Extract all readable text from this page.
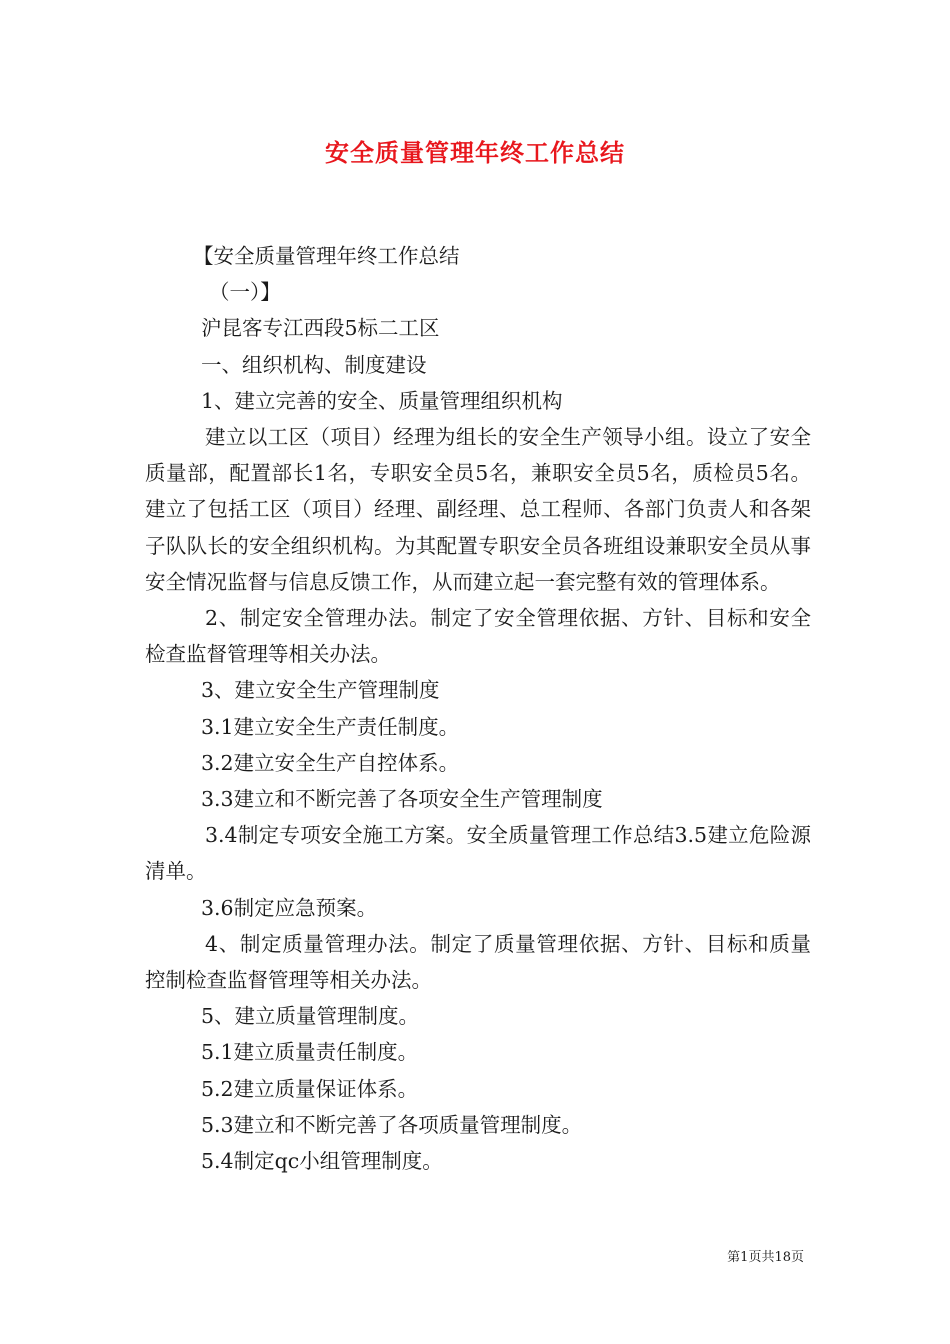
安全质量管理年终工作总结

【安全质量管理年终工作总结

（一）】

沪昆客专江西段5标二工区

一、组织机构、制度建设

1、建立完善的安全、质量管理组织机构

建立以工区（项目）经理为组长的安全生产领导小组。设立了安全质量部，配置部长1名，专职安全员5名，兼职安全员5名，质检员5名。建立了包括工区（项目）经理、副经理、总工程师、各部门负责人和各架子队队长的安全组织机构。为其配置专职安全员各班组设兼职安全员从事安全情况监督与信息反馈工作，从而建立起一套完整有效的管理体系。

2、制定安全管理办法。制定了安全管理依据、方针、目标和安全检查监督管理等相关办法。

3、建立安全生产管理制度

3.1建立安全生产责任制度。

3.2建立安全生产自控体系。

3.3建立和不断完善了各项安全生产管理制度

3.4制定专项安全施工方案。安全质量管理工作总结3.5建立危险源清单。

3.6制定应急预案。

4、制定质量管理办法。制定了质量管理依据、方针、目标和质量控制检查监督管理等相关办法。

5、建立质量管理制度。

5.1建立质量责任制度。

5.2建立质量保证体系。

5.3建立和不断完善了各项质量管理制度。

5.4制定qc小组管理制度。

第1页共18页
